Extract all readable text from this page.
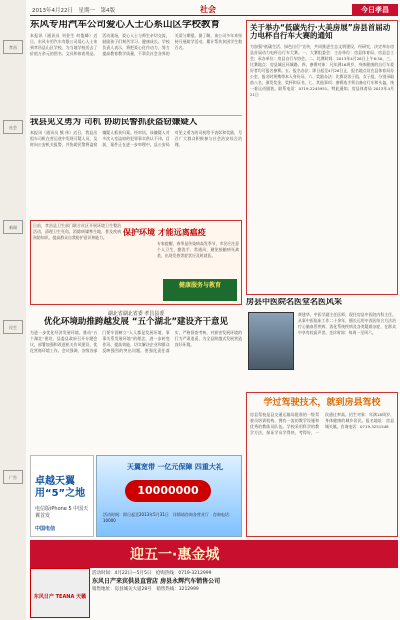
孝昌
社会
新闻
民生
广告
2013年4月22日　星期一　第4版	社会	今日孝昌
东风专用汽车公司爱心人士心系山区学校教育
本报讯（通讯员 刘金生 何俊峰）近日，东风专用汽车有限公司爱心人士来到孝昌县山区学校，为当地学校送去了价值万余元的图书、文具和体育用品。活动现场，爱心人士与师生亲切交流，鼓励孩子们刻苦学习、健康成长。学校负责人表示，将把爱心化作动力，努力提高教育教学质量，不辜负社会各界的关爱与期望。据了解，该公司多年来坚持开展助学活动，累计帮扶贫困学生数百名。
我县见义勇为 司机 协助民警抓获盗窃嫌疑人
本报讯（通讯员 熊 伟）近日，我县出租车司机在营运途中发现可疑人员，及时向公安机关报警，并协助民警将盗窃嫌疑人抓获归案。经审讯，该嫌疑人对多次入室盗窃的犯罪事实供认不讳。目前，案件正在进一步审理中。县公安局对见义勇为的司机给予表彰和奖励，号召广大群众积极参与社会治安综合治理。
日前，孝昌县卫生部门联合社区开展环境卫生整治活动，清理卫生死角，消除病媒孳生地，普及疾病预防知识，提高群众自我防护意识和能力。
保护环境 才能远离瘟疫
专家提醒，春季是传染病高发季节，市民应注意个人卫生，勤洗手、常通风，避免接触病死禽类，出现发热等症状应及时就医。
健康服务与教育
湖北省湖北省委 孝昌县委
优化环境助推跨越发展 “五个湖北”建设齐干意见
为进一步优化经济发展环境，推动“五个湖北”建设，县委县政府召开专题会议，部署加强和改进机关作风建设、优化营商环境工作。会议强调，各级各部门要牢固树立“人人都是发展环境、事事关系发展环境”的理念，进一步转变作风、提高效能，切实解决企业和群众反映强烈的突出问题。要强化责任落实，严格督查考核，对损害发展环境的行为严肃追责，为全县跨越式发展营造良好环境。
卓越天翼 用“5”之地
电信版iPhone 5 中国天翼首发
中国电信
天翼宽带 一亿元保障 四重大礼
10000000
活动时间：即日起至2013年5月31日　详情请咨询各营业厅　咨询电话：10000
关于举办“低碳先行·大美房展”房县首届动力电杯自行车大赛的通知
为加强“低碳生活、绿色出行”宣传，共同推进生态文明建设，经研究，决定举办房县首届动力电杯自行车大赛。一、大赛组委会：主办单位：房县体育局、房县总工会；承办单位：房县自行车协会。二、比赛时间：2013年4月28日上午8:30。三、比赛地点：房县城区环城路。四、参赛对象：凡年满16周岁、身体健康的自行车爱好者均可报名参赛。五、报名办法：即日起至4月26日止，报名地点设在县体育局办公室，报名时须携带本人身份证。六、奖励办法：比赛设男子组、女子组，分别录取前八名，颁发奖金、奖杯和证书。七、其他事项：参赛选手须自备自行车和头盔，统一着运动服装。联系电话：0719-2245951。特此通知。房县体育局 2013年4月21日
房县中医院名医堂名医风采
黄建华，中医学副主任医师，现任房县中医院内科主任。从事中医临床工作二十余年，擅长运用中西医结合方法治疗心脑血管疾病、消化系统疾病及各类疑难杂症，在群众中享有较高声誉。坐诊时间：每周一至周六。
学过驾驶技术，就到房县驾校
房县驾校是县交通运输局批准的一级驾驶员培训机构，拥有一流的教学设施和优秀的教练员队伍。学校采用科学的教学方法，保证学员学得快、考得好，一次通过率高。招生对象：年满18周岁、身体健康的城乡居民。报名地址：房县城关镇。咨询电话：0719-3251548
迎五一·惠金城
东风日产 TEANA 天籁
活动时间：4月22日—5月5日　抢购热线：0719-3212999
东风日产来宾供县直营店 房县永辉汽车销售公司
销售地址：房县城关大道28号　销售热线：3212999
